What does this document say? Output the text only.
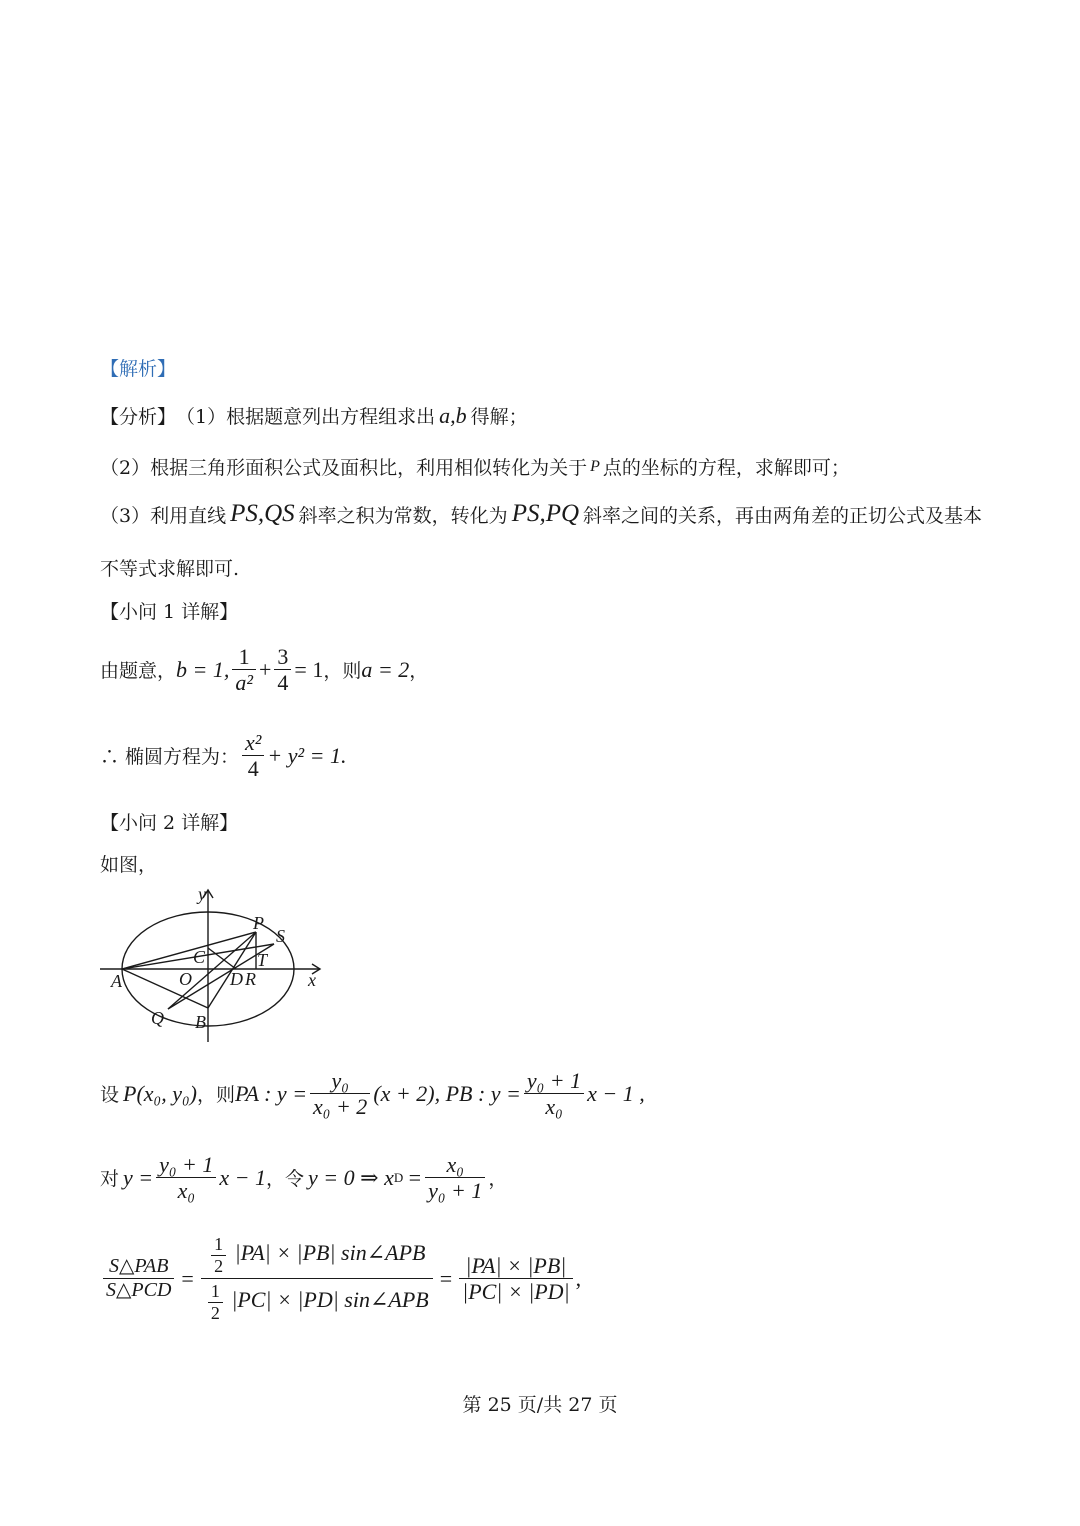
【解析】
【分析】 （1）根据题意列出方程组求出 a,b 得解；
（2）根据三角形面积公式及面积比，利用相似转化为关于 P 点的坐标的方程，求解即可；
（3）利用直线 PS,QS 斜率之积为常数，转化为 PS,PQ 斜率之间的关系，再由两角差的正切公式及基本
不等式求解即可.
【小问 1 详解】
由题意， b = 1, $\frac{1}{\text{a²}} + \frac{3}{4} = 1$ ，则 a = 2 ，
∴ 椭圆方程为： $\frac{\text{x²}}{4} + y^2 = 1$.
【小问 2 详解】
如图，
y
x
P
S
C	T
A	O D R
Q B
设 P(x₀, y₀) ，则 PA : $y = \frac{\text{y₀}}{\text{x₀ + 2}} (x + 2)$, PB : $y = \frac{\text{y₀ + 1}}{\text{x₀}}$ x − 1 ,
对 $y = \frac{\text{y₀ + 1}}{\text{x₀}}$ x − 1 ，令 y = 0 ⇒ x $D = \frac{\text{x₀}}{\text{y₀ + 1}}$ ，
$\frac{\text{S△PAB}}{\text{S△PCD}} = \frac{\frac{1}{2} |PA| \times |PB| \sin\angle APB}{\frac{1}{2} |PC| \times |PD| \sin\angle APB} = \frac{|PA| \times |PB|}{|PC| \times |PD|}$ ,
第 25 页/共 27 页
